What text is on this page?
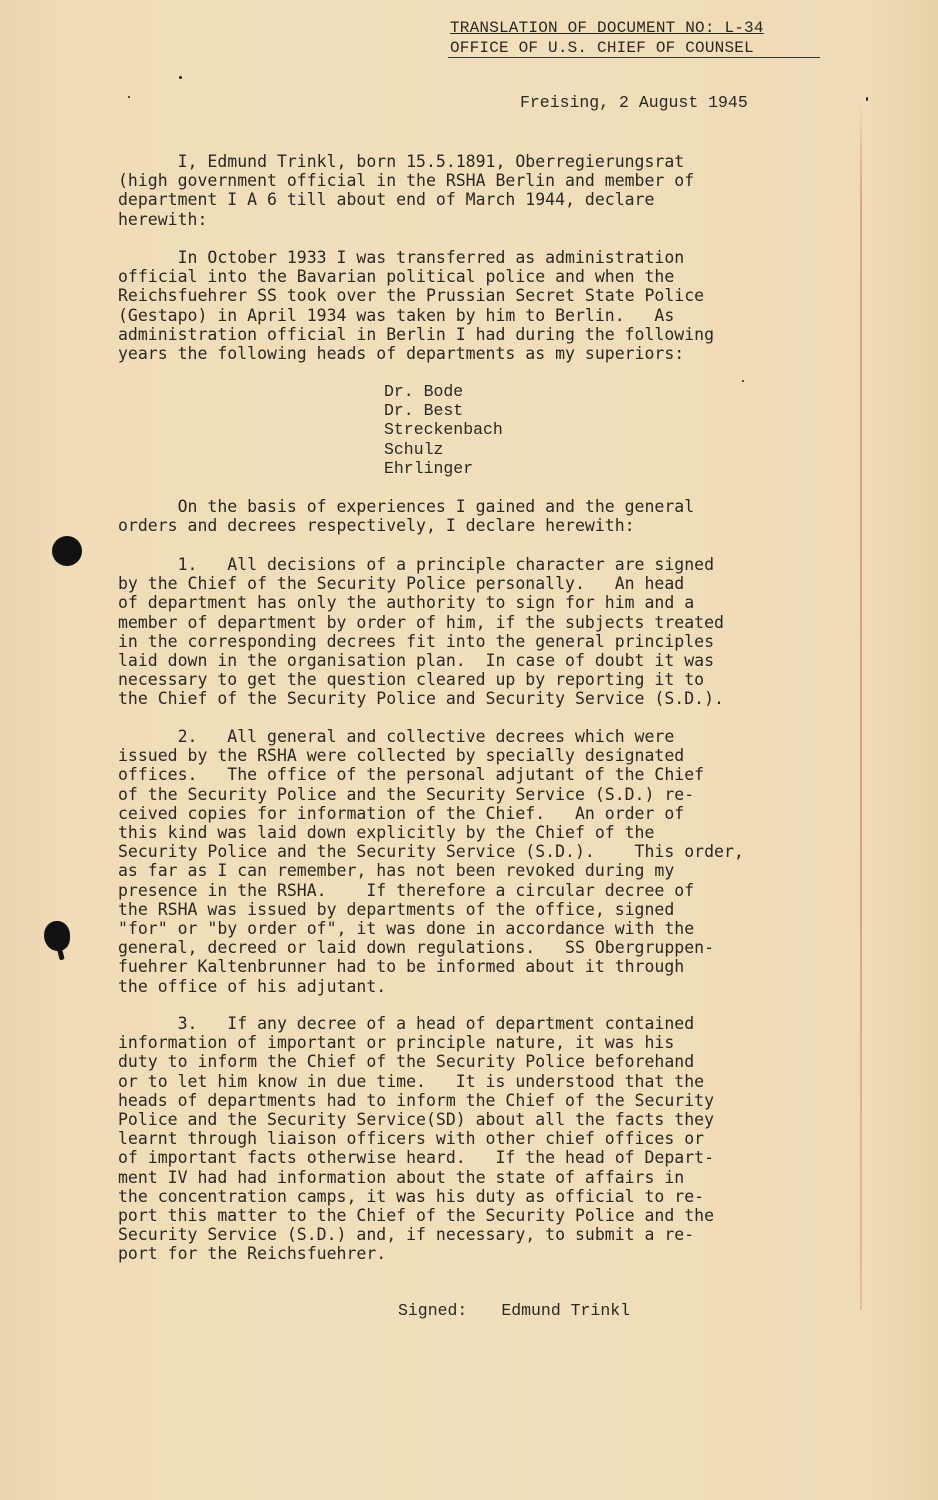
TRANSLATION OF DOCUMENT NO: L-34
OFFICE OF U.S. CHIEF OF COUNSEL
Freising, 2 August 1945
I, Edmund Trinkl, born 15.5.1891, Oberregierungsrat
(high government official in the RSHA Berlin and member of
department I A 6 till about end of March 1944, declare
herewith:
In October 1933 I was transferred as administration
official into the Bavarian political police and when the
Reichsfuehrer SS took over the Prussian Secret State Police
(Gestapo) in April 1934 was taken by him to Berlin.   As
administration official in Berlin I had during the following
years the following heads of departments as my superiors:
Dr. Bode
Dr. Best
Streckenbach
Schulz
Ehrlinger
On the basis of experiences I gained and the general
orders and decrees respectively, I declare herewith:
1.   All decisions of a principle character are signed
by the Chief of the Security Police personally.   An head
of department has only the authority to sign for him and a
member of department by order of him, if the subjects treated
in the corresponding decrees fit into the general principles
laid down in the organisation plan.  In case of doubt it was
necessary to get the question cleared up by reporting it to
the Chief of the Security Police and Security Service (S.D.).
2.   All general and collective decrees which were
issued by the RSHA were collected by specially designated
offices.   The office of the personal adjutant of the Chief
of the Security Police and the Security Service (S.D.) re-
ceived copies for information of the Chief.   An order of
this kind was laid down explicitly by the Chief of the
Security Police and the Security Service (S.D.).    This order,
as far as I can remember, has not been revoked during my
presence in the RSHA.    If therefore a circular decree of
the RSHA was issued by departments of the office, signed
"for" or "by order of", it was done in accordance with the
general, decreed or laid down regulations.   SS Obergruppen-
fuehrer Kaltenbrunner had to be informed about it through
the office of his adjutant.
3.   If any decree of a head of department contained
information of important or principle nature, it was his
duty to inform the Chief of the Security Police beforehand
or to let him know in due time.   It is understood that the
heads of departments had to inform the Chief of the Security
Police and the Security Service(SD) about all the facts they
learnt through liaison officers with other chief offices or
of important facts otherwise heard.   If the head of Depart-
ment IV had had information about the state of affairs in
the concentration camps, it was his duty as official to re-
port this matter to the Chief of the Security Police and the
Security Service (S.D.) and, if necessary, to submit a re-
port for the Reichsfuehrer.
Signed: Edmund Trinkl
